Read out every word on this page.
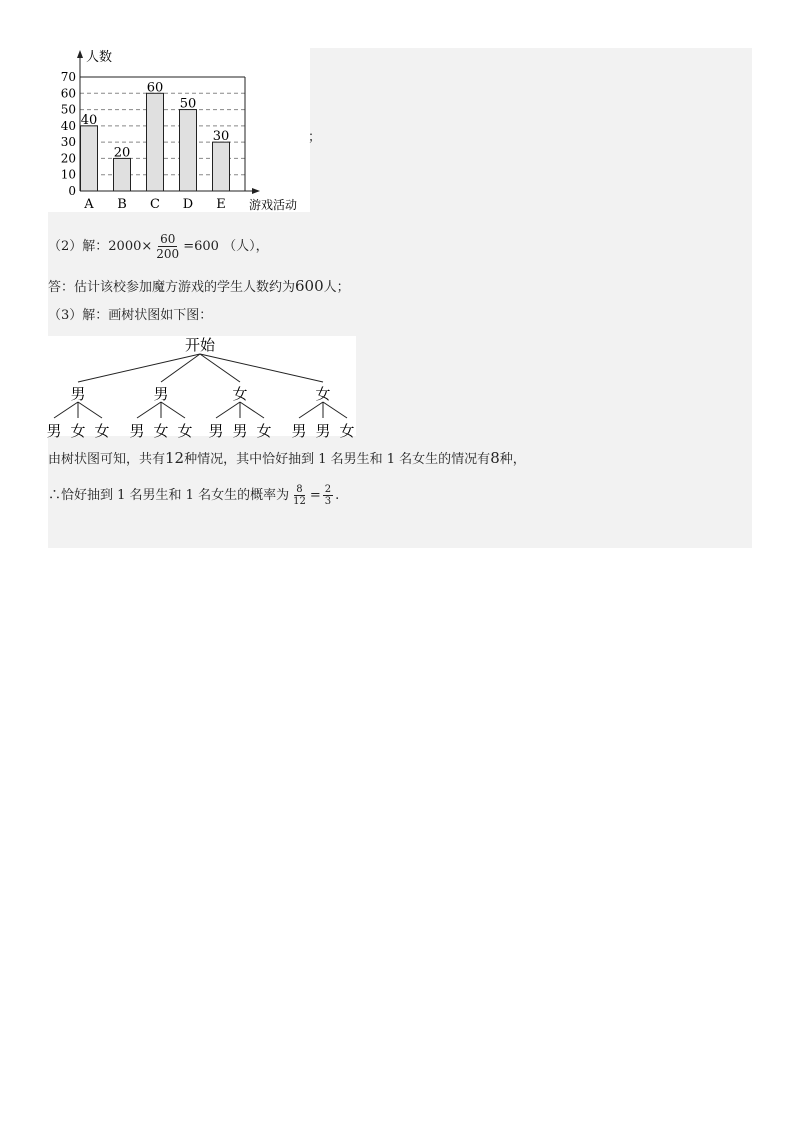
40
20
60
50
30
0
10
20
30
40
50
60
70
A B C D E
人数
游戏活动
；
（2）解：$2000\times \frac{60}{200} =600$ （人），
答：估计该校参加魔方游戏的学生人数约为600人；
（3）解：画树状图如下图：
开始
男
男 女 女
男
男 女 女
女
男 男 女
女
男 男 女
由树状图可知，共有12种情况，其中恰好抽到 1 名男生和 1 名女生的情况有8种，
∴恰好抽到 1 名男生和 1 名女生的概率为 $\frac{8}{12} = \frac{2}{3}$ .
